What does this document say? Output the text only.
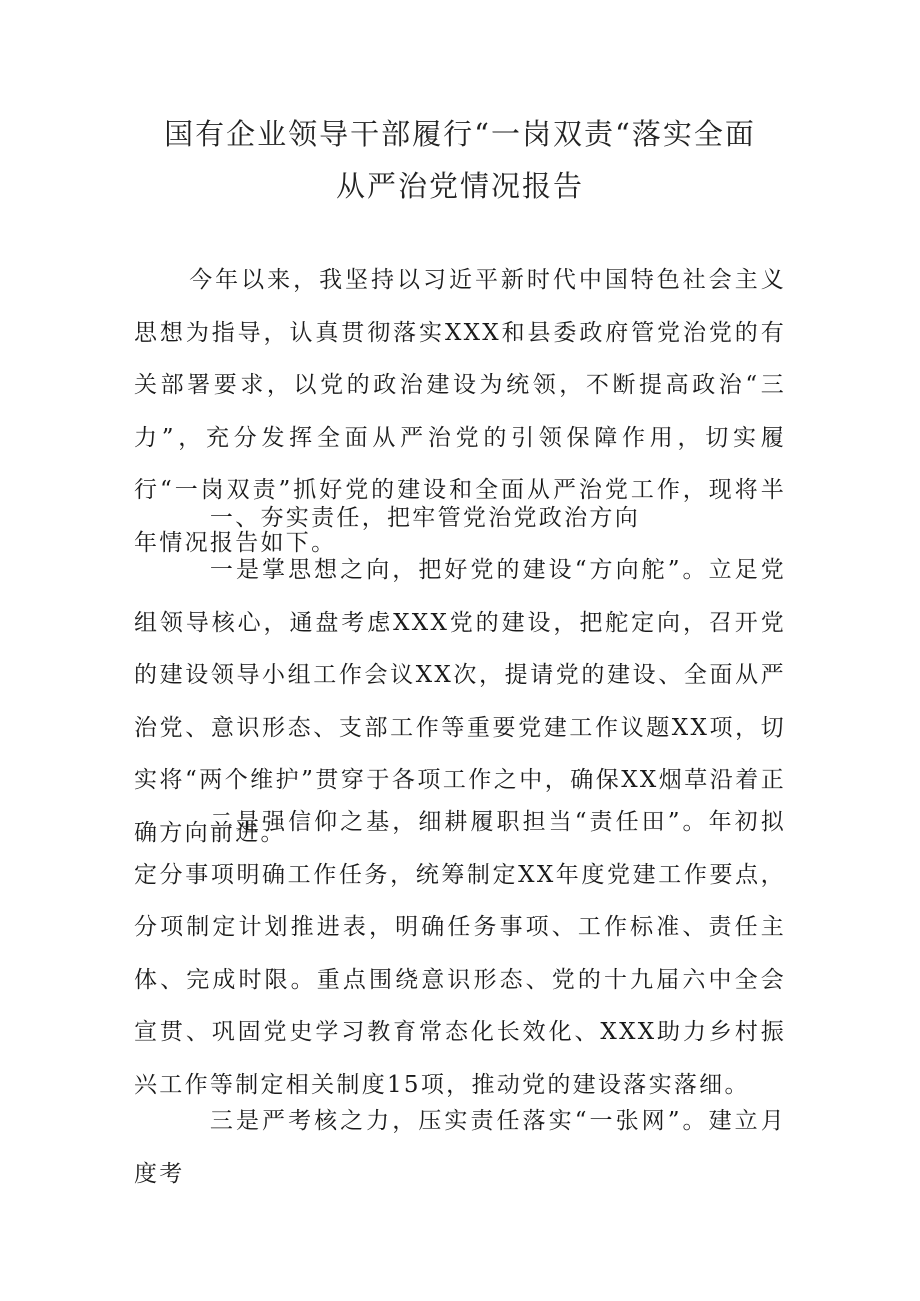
国有企业领导干部履行“一岗双责“落实全面
从严治党情况报告
今年以来，我坚持以习近平新时代中国特色社会主义思想为指导，认真贯彻落实XXX和县委政府管党治党的有关部署要求，以党的政治建设为统领，不断提高政治“三力”，充分发挥全面从严治党的引领保障作用，切实履行“一岗双责”抓好党的建设和全面从严治党工作，现将半年情况报告如下。
一、夯实责任，把牢管党治党政治方向
一是掌思想之向，把好党的建设“方向舵”。立足党组领导核心，通盘考虑XXX党的建设，把舵定向，召开党的建设领导小组工作会议XX次，提请党的建设、全面从严治党、意识形态、支部工作等重要党建工作议题XX项，切实将“两个维护”贯穿于各项工作之中，确保XX烟草沿着正确方向前进。
二是强信仰之基，细耕履职担当“责任田”。年初拟定分事项明确工作任务，统筹制定XX年度党建工作要点，分项制定计划推进表，明确任务事项、工作标准、责任主体、完成时限。重点围绕意识形态、党的十九届六中全会宣贯、巩固党史学习教育常态化长效化、XXX助力乡村振兴工作等制定相关制度15项，推动党的建设落实落细。
三是严考核之力，压实责任落实“一张网”。建立月度考
